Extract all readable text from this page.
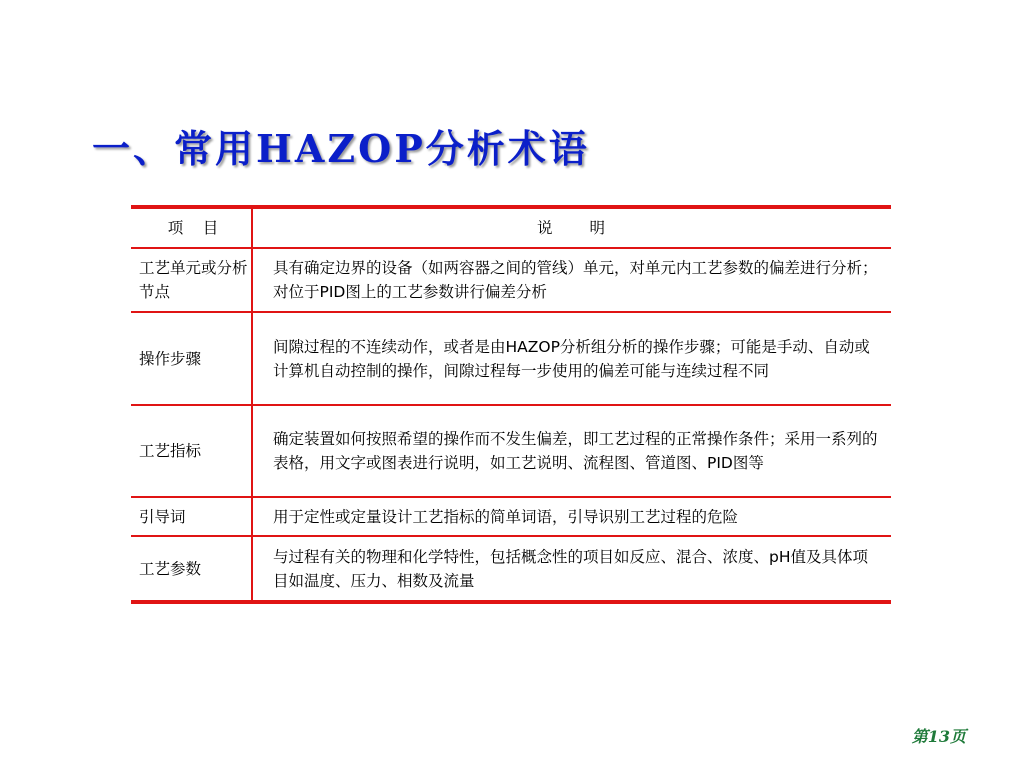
一、常用HAZOP分析术语
项　目	说　　明
工艺单元或分析节点	具有确定边界的设备（如两容器之间的管线）单元，对单元内工艺参数的偏差进行分析；对位于PID图上的工艺参数讲行偏差分析
操作步骤	间隙过程的不连续动作，或者是由HAZOP分析组分析的操作步骤；可能是手动、自动或计算机自动控制的操作，间隙过程每一步使用的偏差可能与连续过程不同
工艺指标	确定装置如何按照希望的操作而不发生偏差，即工艺过程的正常操作条件；采用一系列的表格，用文字或图表进行说明，如工艺说明、流程图、管道图、PID图等
引导词	用于定性或定量设计工艺指标的简单词语，引导识别工艺过程的危险
工艺参数	与过程有关的物理和化学特性，包括概念性的项目如反应、混合、浓度、pH值及具体项目如温度、压力、相数及流量
第13页
